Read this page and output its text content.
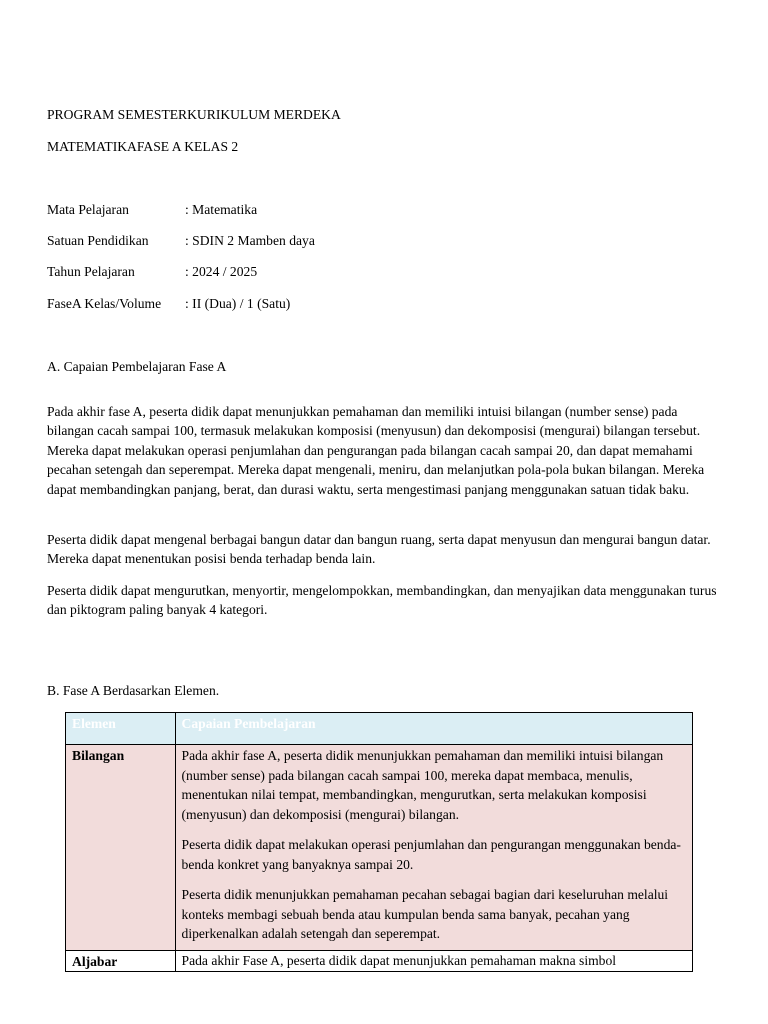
PROGRAM SEMESTERKURIKULUM MERDEKA

MATEMATIKAFASE A KELAS 2

Mata Pelajaran	: Matematika
Satuan Pendidikan	: SDIN 2 Mamben daya
Tahun Pelajaran	: 2024 / 2025
FaseA Kelas/Volume : II (Dua) / 1 (Satu)

A. Capaian Pembelajaran Fase A

Pada akhir fase A, peserta didik dapat menunjukkan pemahaman dan memiliki intuisi bilangan (number sense) pada bilangan cacah sampai 100, termasuk melakukan komposisi (menyusun) dan dekomposisi (mengurai) bilangan tersebut. Mereka dapat melakukan operasi penjumlahan dan pengurangan pada bilangan cacah sampai 20, dan dapat memahami pecahan setengah dan seperempat. Mereka dapat mengenali, meniru, dan melanjutkan pola-pola bukan bilangan. Mereka dapat membandingkan panjang, berat, dan durasi waktu, serta mengestimasi panjang menggunakan satuan tidak baku.

Peserta didik dapat mengenal berbagai bangun datar dan bangun ruang, serta dapat menyusun dan mengurai bangun datar. Mereka dapat menentukan posisi benda terhadap benda lain.

Peserta didik dapat mengurutkan, menyortir, mengelompokkan, membandingkan, dan menyajikan data menggunakan turus dan piktogram paling banyak 4 kategori.

B. Fase A Berdasarkan Elemen.

Elemen	Capaian Pembelajaran
Bilangan	Pada akhir fase A, peserta didik menunjukkan pemahaman dan memiliki intuisi bilangan (number sense) pada bilangan cacah sampai 100, mereka dapat membaca, menulis, menentukan nilai tempat, membandingkan, mengurutkan, serta melakukan komposisi (menyusun) dan dekomposisi (mengurai) bilangan.

Peserta didik dapat melakukan operasi penjumlahan dan pengurangan menggunakan benda-benda konkret yang banyaknya sampai 20.

Peserta didik menunjukkan pemahaman pecahan sebagai bagian dari keseluruhan melalui konteks membagi sebuah benda atau kumpulan benda sama banyak, pecahan yang diperkenalkan adalah setengah dan seperempat.

Aljabar	Pada akhir Fase A, peserta didik dapat menunjukkan pemahaman makna simbol
